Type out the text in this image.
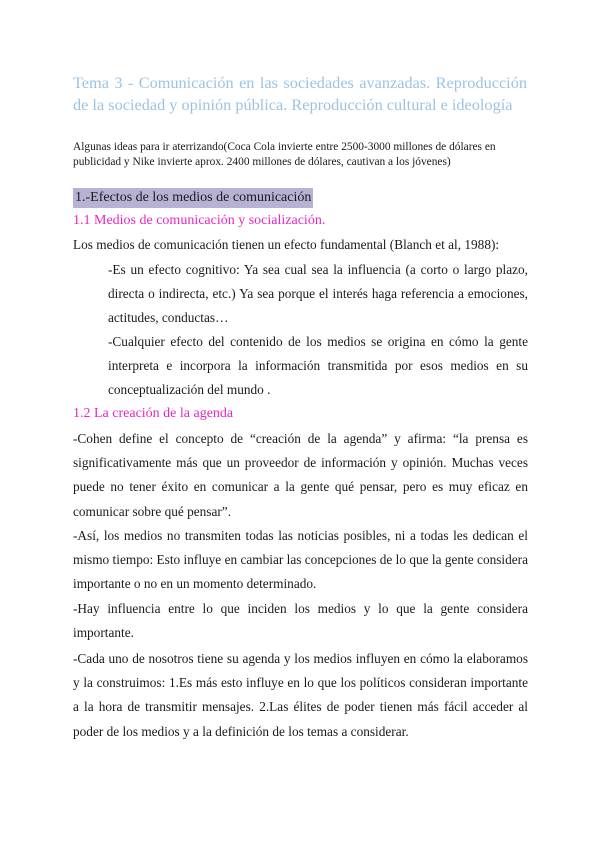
Tema 3 - Comunicación en las sociedades avanzadas. Reproducción de la sociedad y opinión pública. Reproducción cultural e ideología
Algunas ideas para ir aterrizando(Coca Cola invierte entre 2500-3000 millones de dólares en publicidad y Nike invierte aprox. 2400 millones de dólares, cautivan a los jóvenes)
1.-Efectos de los medios de comunicación
1.1 Medios de comunicación y socialización.
Los medios de comunicación tienen un efecto fundamental (Blanch et al, 1988):
-Es un efecto cognitivo: Ya sea cual sea la influencia (a corto o largo plazo, directa o indirecta, etc.) Ya sea porque el interés haga referencia a emociones, actitudes, conductas…
-Cualquier efecto del contenido de los medios se origina en cómo la gente interpreta e incorpora la información transmitida por esos medios en su conceptualización del mundo .
1.2 La creación de la agenda
-Cohen define el concepto de “creación de la agenda” y afirma: “la prensa es significativamente más que un proveedor de información y opinión. Muchas veces puede no tener éxito en comunicar a la gente qué pensar, pero es muy eficaz en comunicar sobre qué pensar”.
-Así, los medios no transmiten todas las noticias posibles, ni a todas les dedican el mismo tiempo: Esto influye en cambiar las concepciones de lo que la gente considera importante o no en un momento determinado.
-Hay influencia entre lo que inciden los medios y lo que la gente considera importante.
-Cada uno de nosotros tiene su agenda y los medios influyen en cómo la elaboramos y la construimos: 1.Es más esto influye en lo que los políticos consideran importante a la hora de transmitir mensajes. 2.Las élites de poder tienen más fácil acceder al poder de los medios y a la definición de los temas a considerar.
